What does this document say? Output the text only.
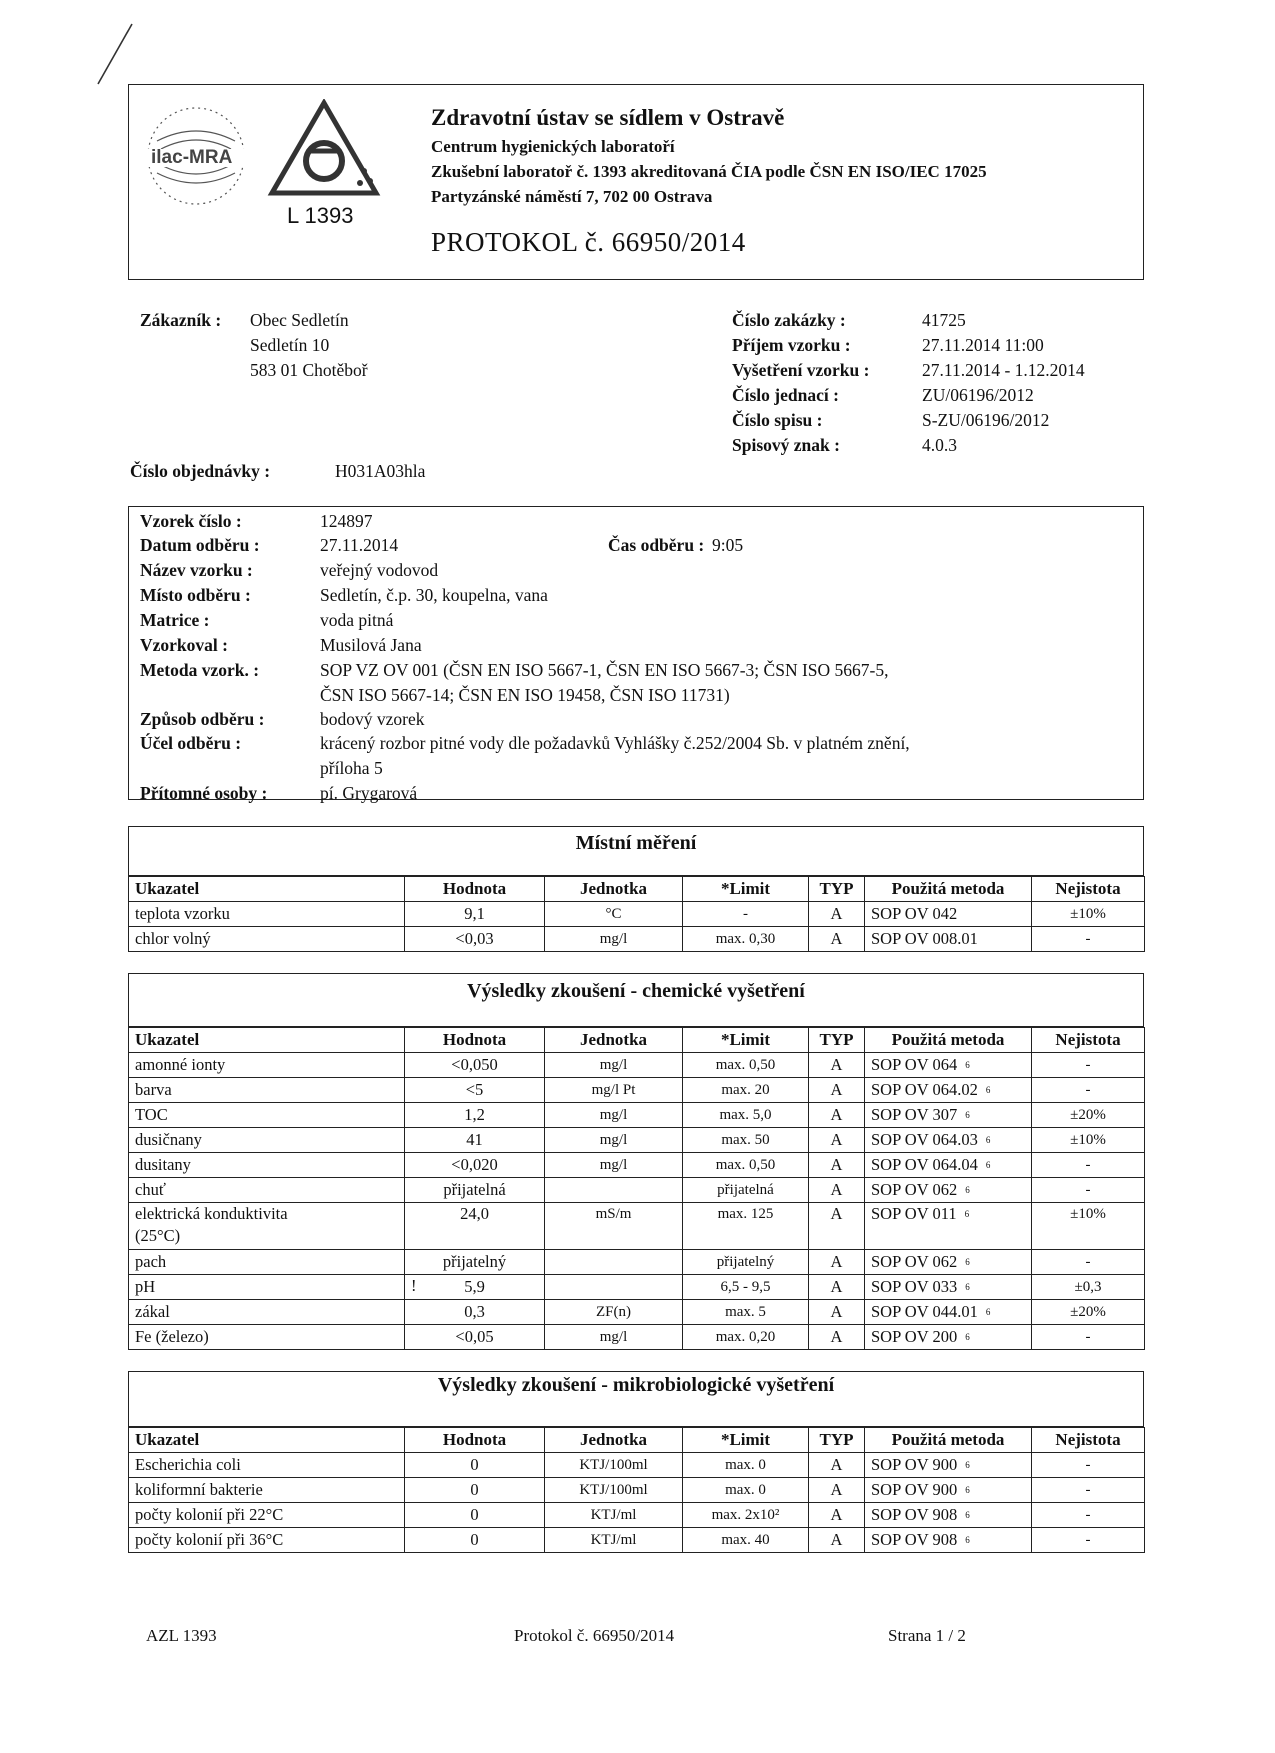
ilac-MRA
L 1393
Zdravotní ústav se sídlem v Ostravě
Centrum hygienických laboratoří
Zkušební laboratoř č. 1393 akreditovaná ČIA podle ČSN EN ISO/IEC 17025
Partyzánské náměstí 7, 702 00 Ostrava
PROTOKOL č. 66950/2014
Zákazník : Obec Sedletín
Sedletín 10
583 01 Chotěboř
Číslo objednávky :	H031A03hla
Číslo zakázky :	41725
Příjem vzorku :	27.11.2014 11:00
Vyšetření vzorku :	27.11.2014 - 1.12.2014
Číslo jednací :	ZU/06196/2012
Číslo spisu :	S-ZU/06196/2012
Spisový znak :	4.0.3
Vzorek číslo :	124897
Datum odběru :	27.11.2014
Název vzorku :	veřejný vodovod
Místo odběru :	Sedletín, č.p. 30, koupelna, vana
Matrice :	voda pitná
Vzorkoval :	Musilová Jana
Metoda vzork. :	SOP VZ OV 001 (ČSN EN ISO 5667-1, ČSN EN ISO 5667-3; ČSN ISO 5667-5,
ČSN ISO 5667-14; ČSN EN ISO 19458, ČSN ISO 11731)
Způsob odběru :	bodový vzorek
Účel odběru :	krácený rozbor pitné vody dle požadavků Vyhlášky č.252/2004 Sb. v platném znění,
příloha 5
Přítomné osoby :	pí. Grygarová
Čas odběru : 9:05
Místní měření
Ukazatel	Hodnota	Jednotka	*Limit	TYP	Použitá metoda	Nejistota
teplota vzorku	9,1	°C	-	A	SOP OV 042	±10%
chlor volný	<0,03	mg/l	max. 0,30	A	SOP OV 008.01	-
Výsledky zkoušení - chemické vyšetření
Ukazatel	Hodnota	Jednotka	*Limit	TYP	Použitá metoda	Nejistota
amonné ionty	<0,050	mg/l	max. 0,50	A	SOP OV 064 $^6$	-
barva	<5	mg/l Pt	max. 20	A	SOP OV 064.02 $^6$	-
TOC	1,2	mg/l	max. 5,0	A	SOP OV 307 $^6$	±20%
dusičnany	41	mg/l	max. 50	A	SOP OV 064.03 $^6$	±10%
dusitany	<0,020	mg/l	max. 0,50	A	SOP OV 064.04 $^6$	-
chuť	přijatelná		přijatelná	A	SOP OV 062 $^6$	-
elektrická konduktivita
(25°C)	24,0	mS/m	max. 125	A	SOP OV 011 $^6$	±10%
pach	přijatelný		přijatelný	A	SOP OV 062 $^6$	-
pH	! 5,9		6,5 - 9,5	A	SOP OV 033 $^6$	±0,3
zákal	0,3	ZF(n)	max. 5	A	SOP OV 044.01 $^6$	±20%
Fe (železo)	<0,05	mg/l	max. 0,20	A	SOP OV 200 $^6$	-
Výsledky zkoušení - mikrobiologické vyšetření
Ukazatel	Hodnota	Jednotka	*Limit	TYP	Použitá metoda	Nejistota
Escherichia coli	0	KTJ/100ml	max. 0	A	SOP OV 900 $^6$	-
koliformní bakterie	0	KTJ/100ml	max. 0	A	SOP OV 900 $^6$	-
počty kolonií při 22°C	0	KTJ/ml	max. 2x10²	A	SOP OV 908 $^6$	-
počty kolonií při 36°C	0	KTJ/ml	max. 40	A	SOP OV 908 $^6$	-
AZL 1393	Protokol č. 66950/2014	Strana 1 / 2
